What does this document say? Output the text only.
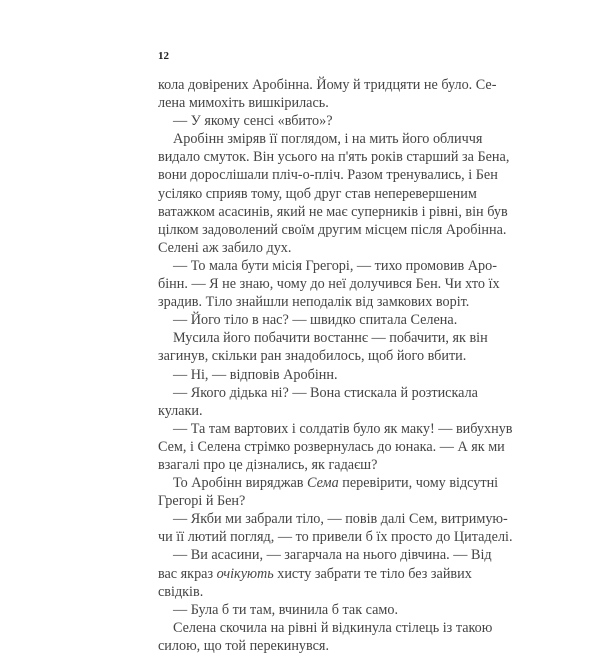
12
кола довірених Аробінна. Йому й тридцяти не було. Се-
лена мимохіть вишкірилась.
— У якому сенсі «вбито»?
Аробінн зміряв її поглядом, і на мить його обличчя
видало смуток. Він усього на п'ять років старший за Бена,
вони дорослішали пліч-о-пліч. Разом тренувались, і Бен
усіляко сприяв тому, щоб друг став неперевершеним
ватажком асасинів, який не має суперників і рівні, він був
цілком задоволений своїм другим місцем після Аробінна.
Селені аж забило дух.
— То мала бути місія Грегорі, — тихо промовив Аро-
бінн. — Я не знаю, чому до неї долучився Бен. Чи хто їх
зрадив. Тіло знайшли неподалік від замкових воріт.
— Його тіло в нас? — швидко спитала Селена.
Мусила його побачити востаннє — побачити, як він
загинув, скільки ран знадобилось, щоб його вбити.
— Ні, — відповів Аробінн.
— Якого дідька ні? — Вона стискала й розтискала
кулаки.
— Та там вартових і солдатів було як маку! — вибухнув
Сем, і Селена стрімко розвернулась до юнака. — А як ми
взагалі про це дізнались, як гадаєш?
То Аробінн виряджав Сема перевірити, чому відсутні
Грегорі й Бен?
— Якби ми забрали тіло, — повів далі Сем, витримую-
чи її лютий погляд, — то привели б їх просто до Цитаделі.
— Ви асасини, — загарчала на нього дівчина. — Від
вас якраз очікують хисту забрати те тіло без зайвих
свідків.
— Була б ти там, вчинила б так само.
Селена скочила на рівні й відкинула стілець із такою
силою, що той перекинувся.
